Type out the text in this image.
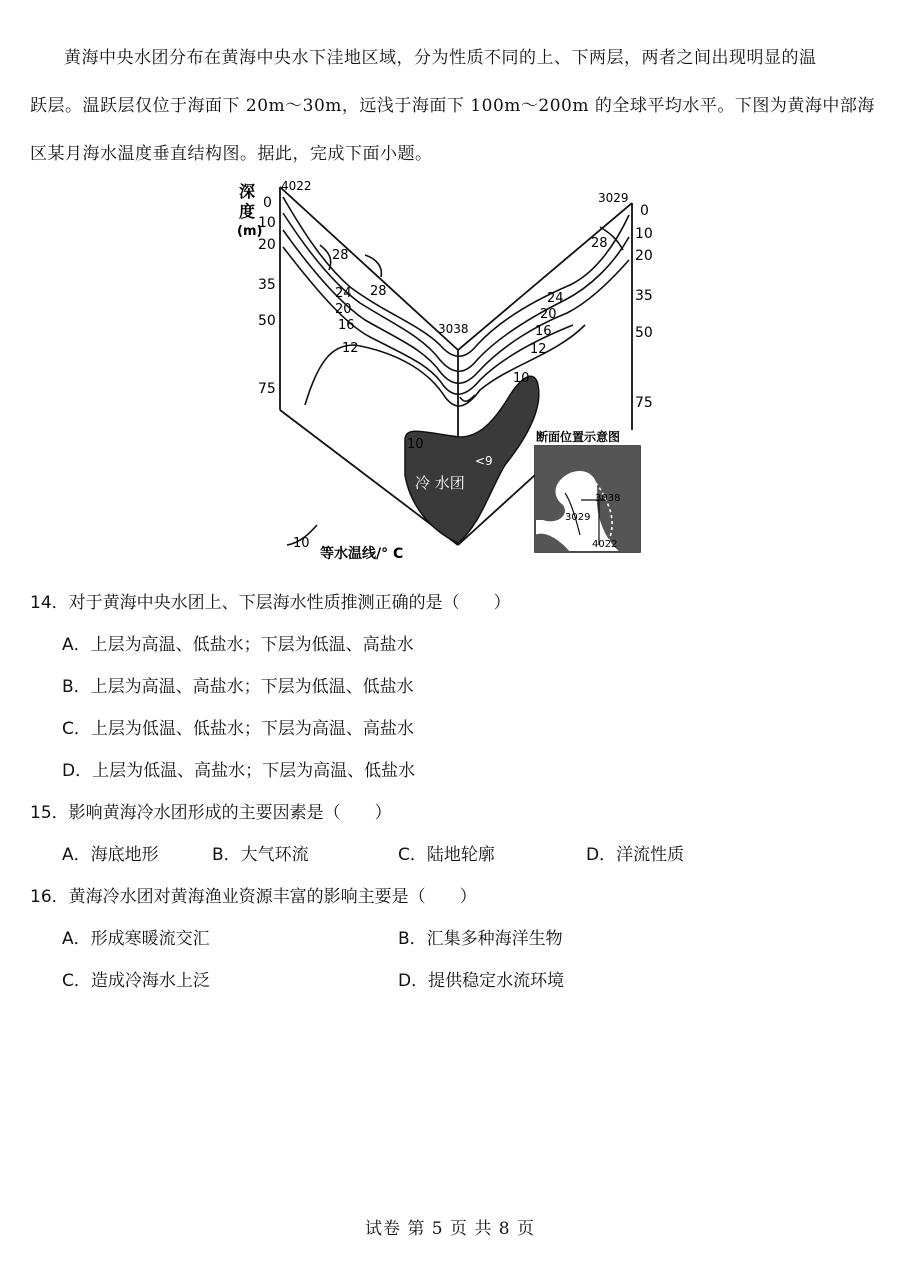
黄海中央水团分布在黄海中央水下洼地区域，分为性质不同的上、下两层，两者之间出现明显的温
跃层。温跃层仅位于海面下 20m～30m，远浅于海面下 100m～200m 的全球平均水平。下图为黄海中部海
区某月海水温度垂直结构图。据此，完成下面小题。
冷 水团
<9
深
度
(m)
4022
3038
3029
0
10
20
35
50
75
0
10
20
35
50
75
28
28
24
20
16
12
28
24
20
16
12
10
10
10
等水温线/° C
断面位置示意图
3038
3029
4022
14．对于黄海中央水团上、下层海水性质推测正确的是（　　）
A．上层为高温、低盐水；下层为低温、高盐水
B．上层为高温、高盐水；下层为低温、低盐水
C．上层为低温、低盐水；下层为高温、高盐水
D．上层为低温、高盐水；下层为高温、低盐水
15．影响黄海冷水团形成的主要因素是（　　）
A．海底地形	B．大气环流	C．陆地轮廓	D．洋流性质
16．黄海冷水团对黄海渔业资源丰富的影响主要是（　　）
A．形成寒暖流交汇	B．汇集多种海洋生物
C．造成冷海水上泛	D．提供稳定水流环境
试卷 第 5 页 共 8 页
